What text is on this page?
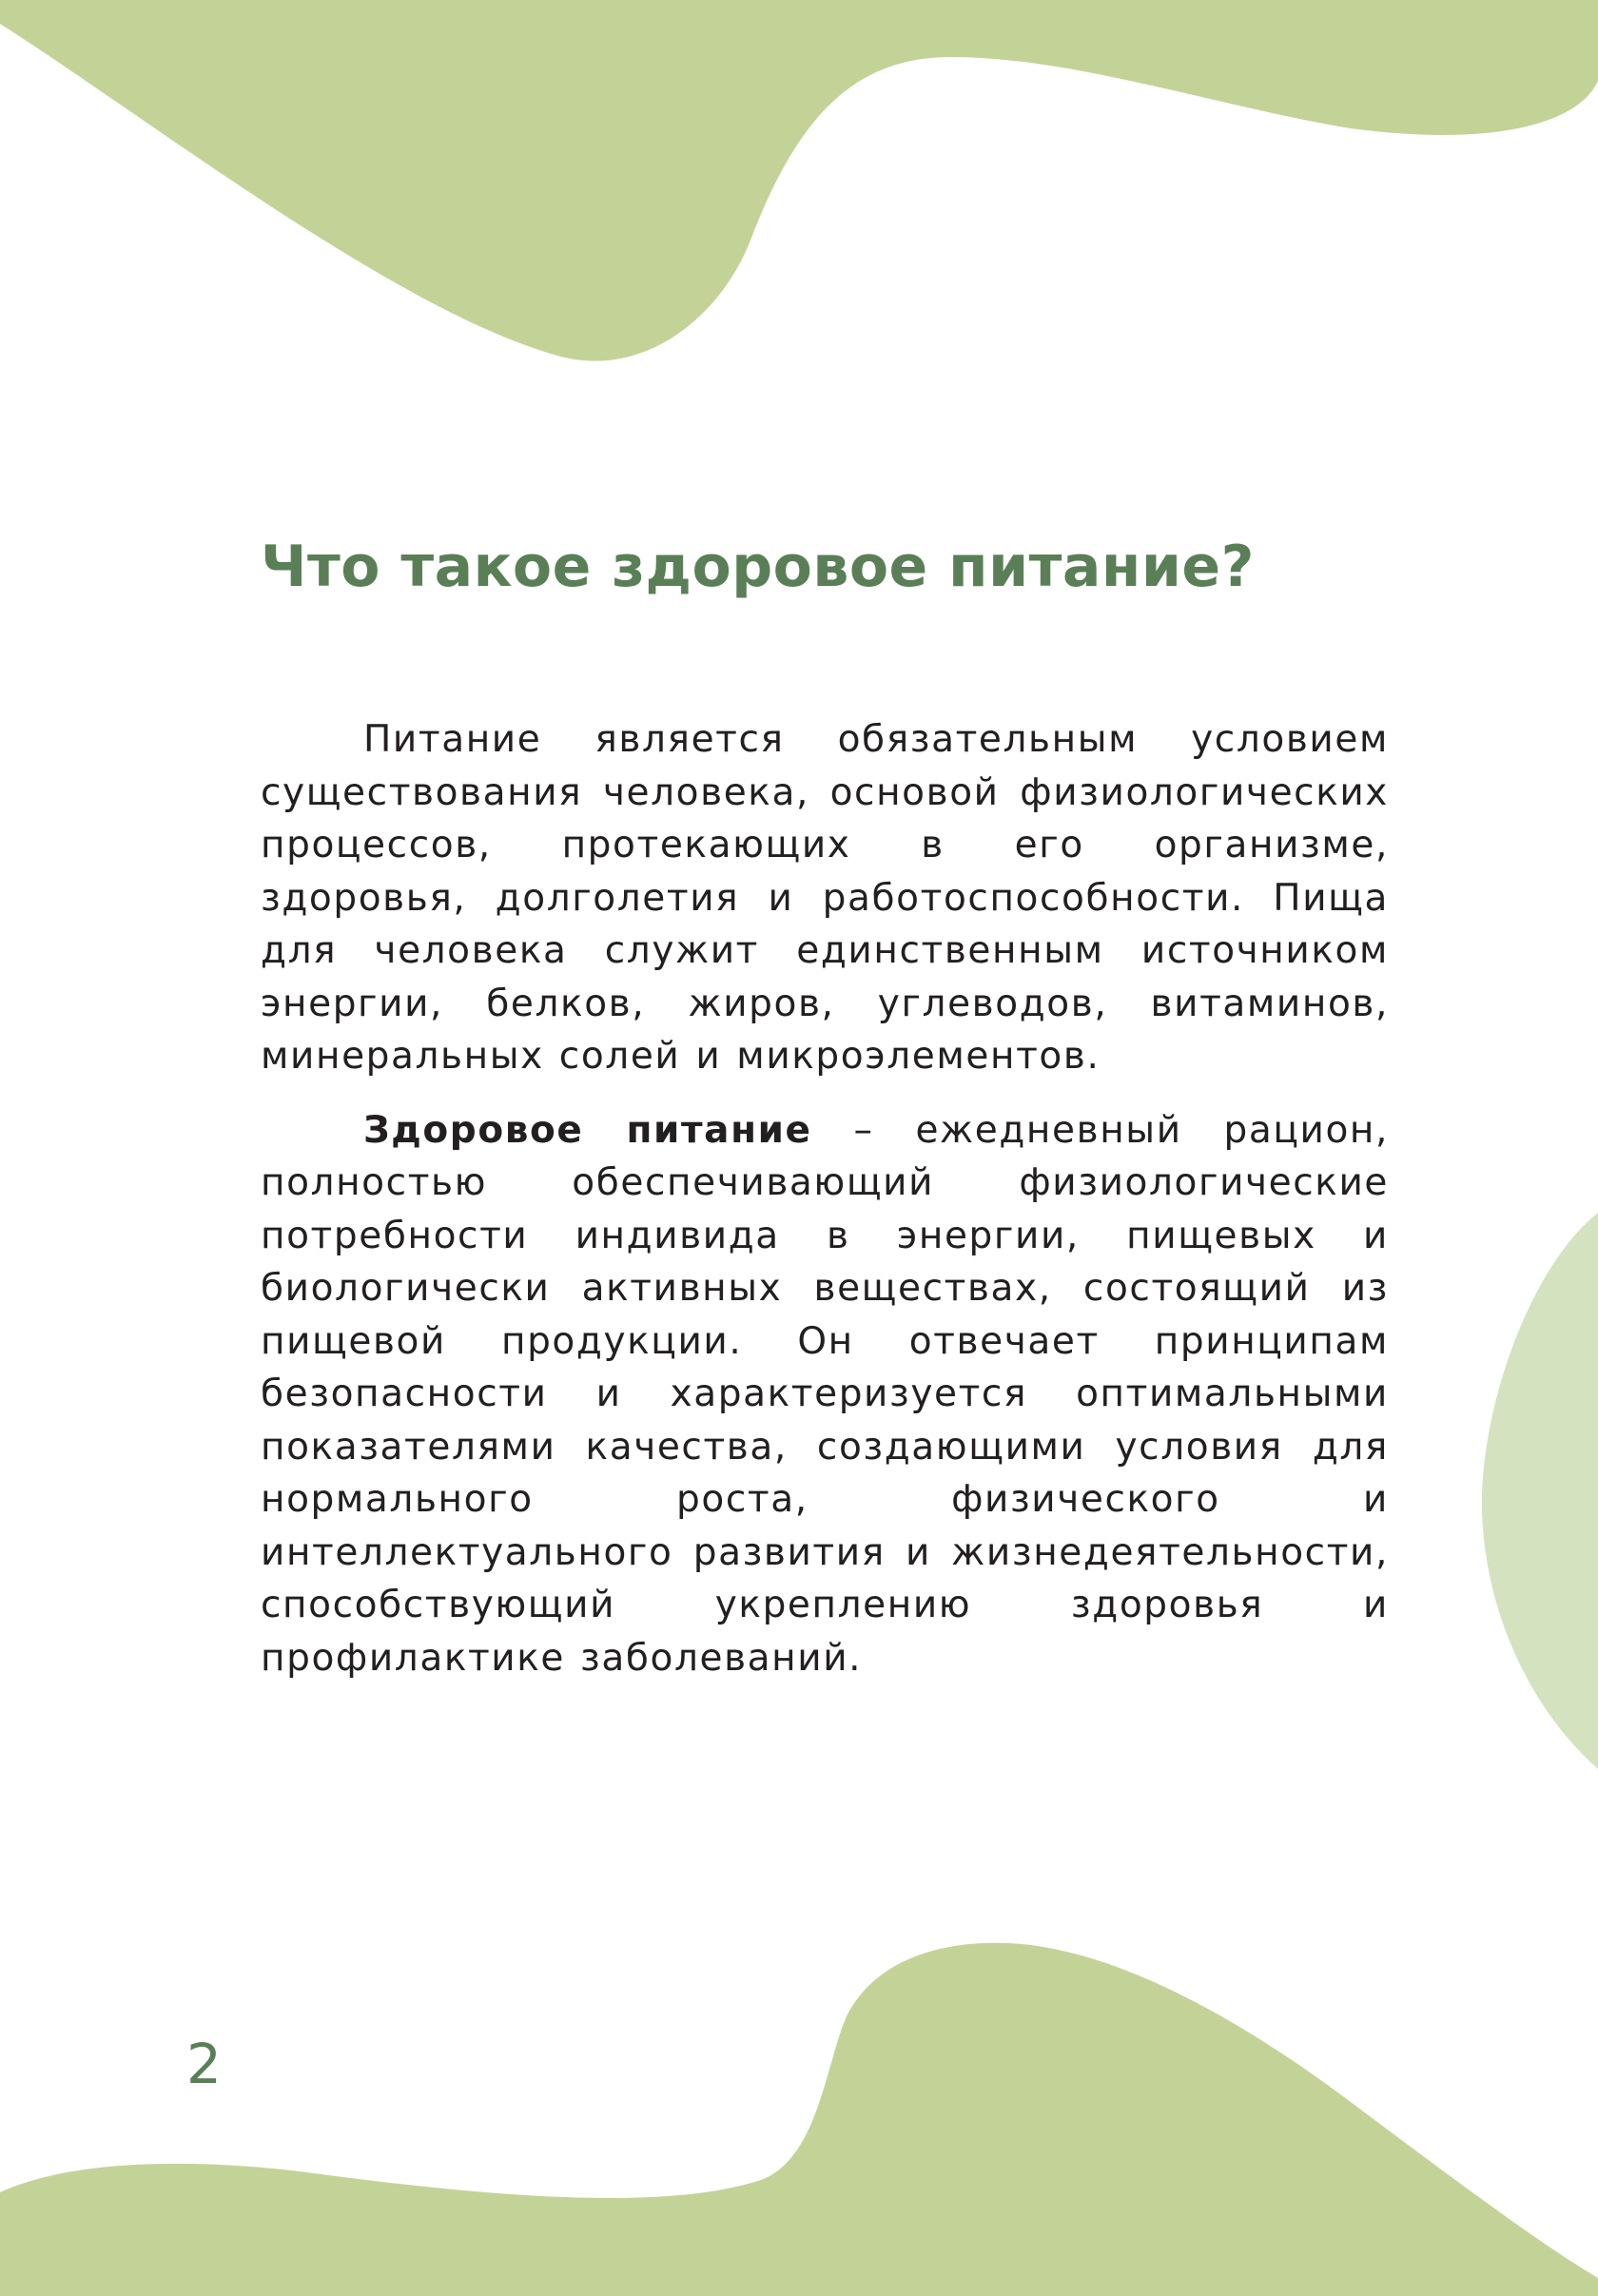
Что такое здоровое питание?

Питание является обязательным условием существования человека, основой физиологических процессов, протекающих в его организме, здоровья, долголетия и работоспособности. Пища для человека служит единственным источником энергии, белков, жиров, углеводов, витаминов, минеральных солей и микроэлементов.

Здоровое питание – ежедневный рацион, полностью обеспечивающий физиологические потребности индивида в энергии, пищевых и биологически активных веществах, состоящий из пищевой продукции. Он отвечает принципам безопасности и характеризуется оптимальными показателями качества, создающими условия для нормального роста, физического и интеллектуального развития и жизнедеятельности, способствующий укреплению здоровья и профилактике заболеваний.

2
